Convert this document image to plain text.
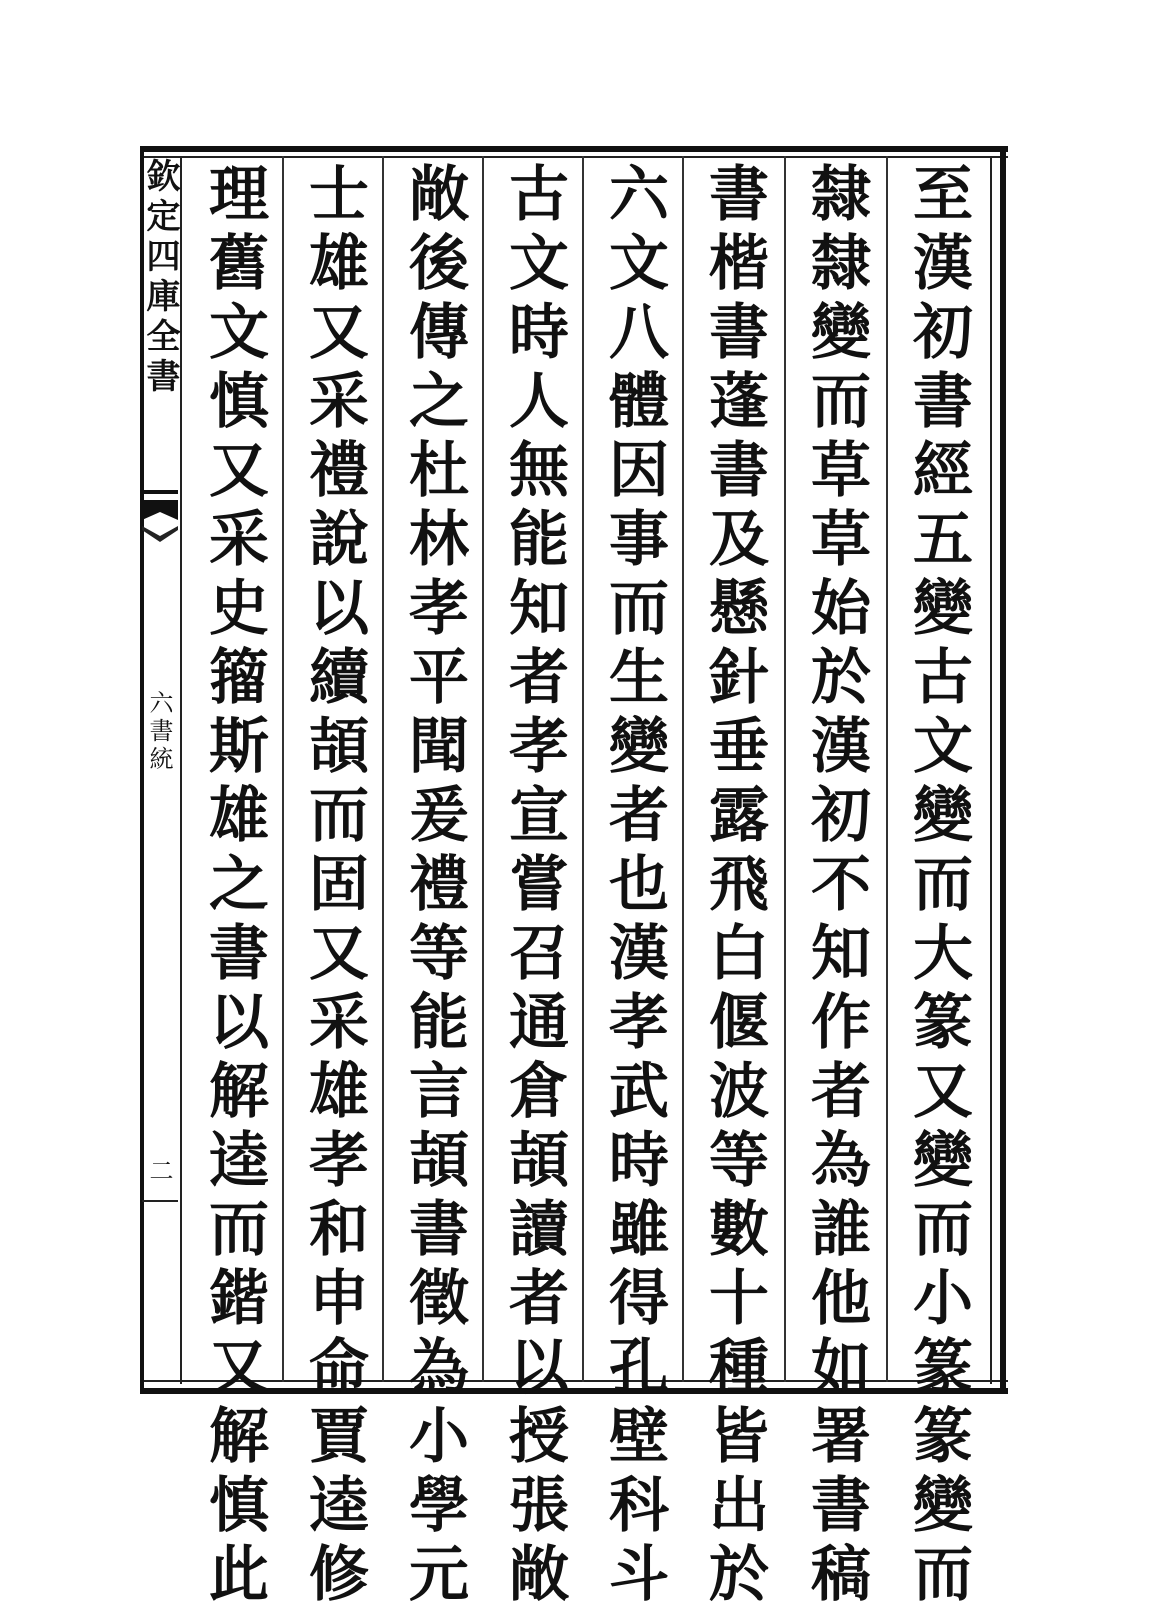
欽定四庫全書
六書統
二	至漢初書經五變古文變而大篆又變而小篆篆變而
隸隸變而草草始於漢初不知作者為誰他如署書稿
書楷書蓬書及懸針垂露飛白偃波等數十種皆出於
六文八體因事而生變者也漢孝武時雖得孔壁科斗
古文時人無能知者孝宣嘗召通倉頡讀者以授張敞
敞後傳之杜林孝平聞爰禮等能言頡書徵為小學元
士雄又采禮說以續頡而固又采雄孝和申命賈逵修
理舊文慎又采史籀斯雄之書以解逵而鍇又解慎此
